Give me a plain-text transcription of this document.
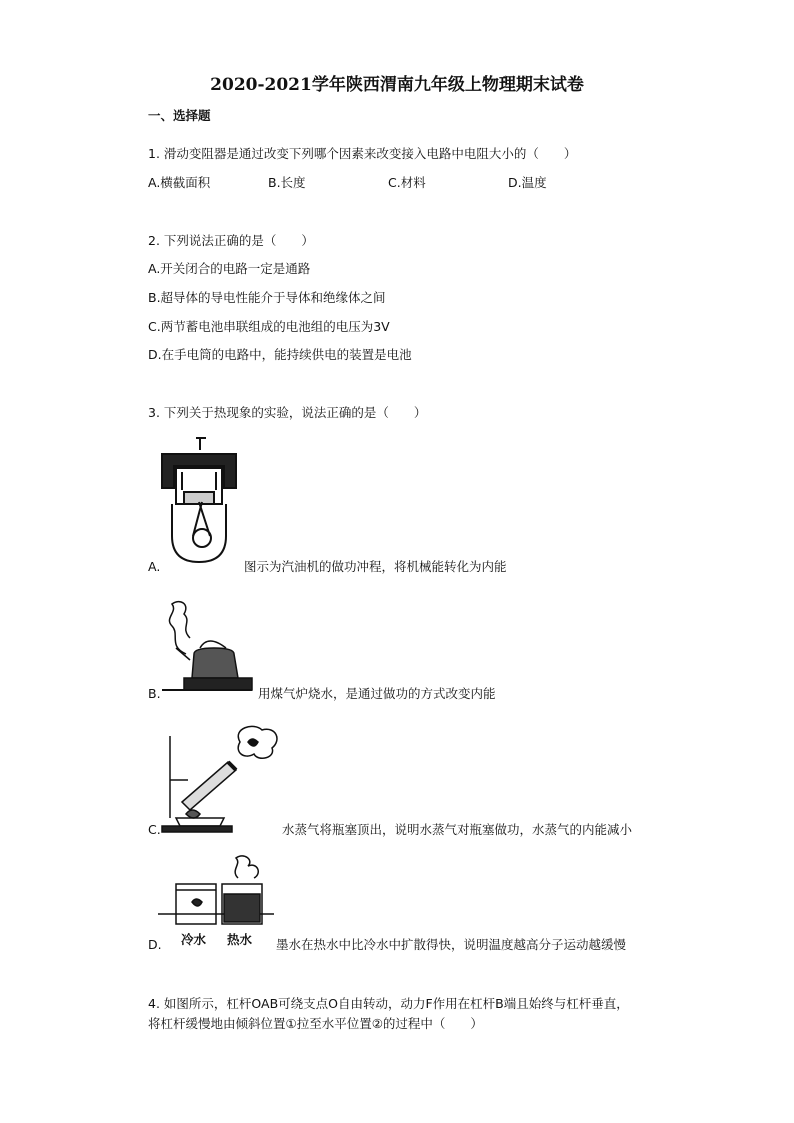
2020-2021学年陕西渭南九年级上物理期末试卷
一、选择题
1. 滑动变阻器是通过改变下列哪个因素来改变接入电路中电阻大小的（　　）
A.横截面积	B.长度	C.材料	D.温度
2. 下列说法正确的是（　　）
A.开关闭合的电路一定是通路
B.超导体的导电性能介于导体和绝缘体之间
C.两节蓄电池串联组成的电池组的电压为3V
D.在手电筒的电路中，能持续供电的装置是电池
3. 下列关于热现象的实验，说法正确的是（　　）
A.	图示为汽油机的做功冲程，将机械能转化为内能
B.	用煤气炉烧水，是通过做功的方式改变内能
C.	水蒸气将瓶塞顶出，说明水蒸气对瓶塞做功，水蒸气的内能减小
冷水 热水
D.	墨水在热水中比冷水中扩散得快，说明温度越高分子运动越缓慢
4. 如图所示，杠杆OAB可绕支点O自由转动，动力F作用在杠杆B端且始终与杠杆垂直，
将杠杆缓慢地由倾斜位置①拉至水平位置②的过程中（　　）
